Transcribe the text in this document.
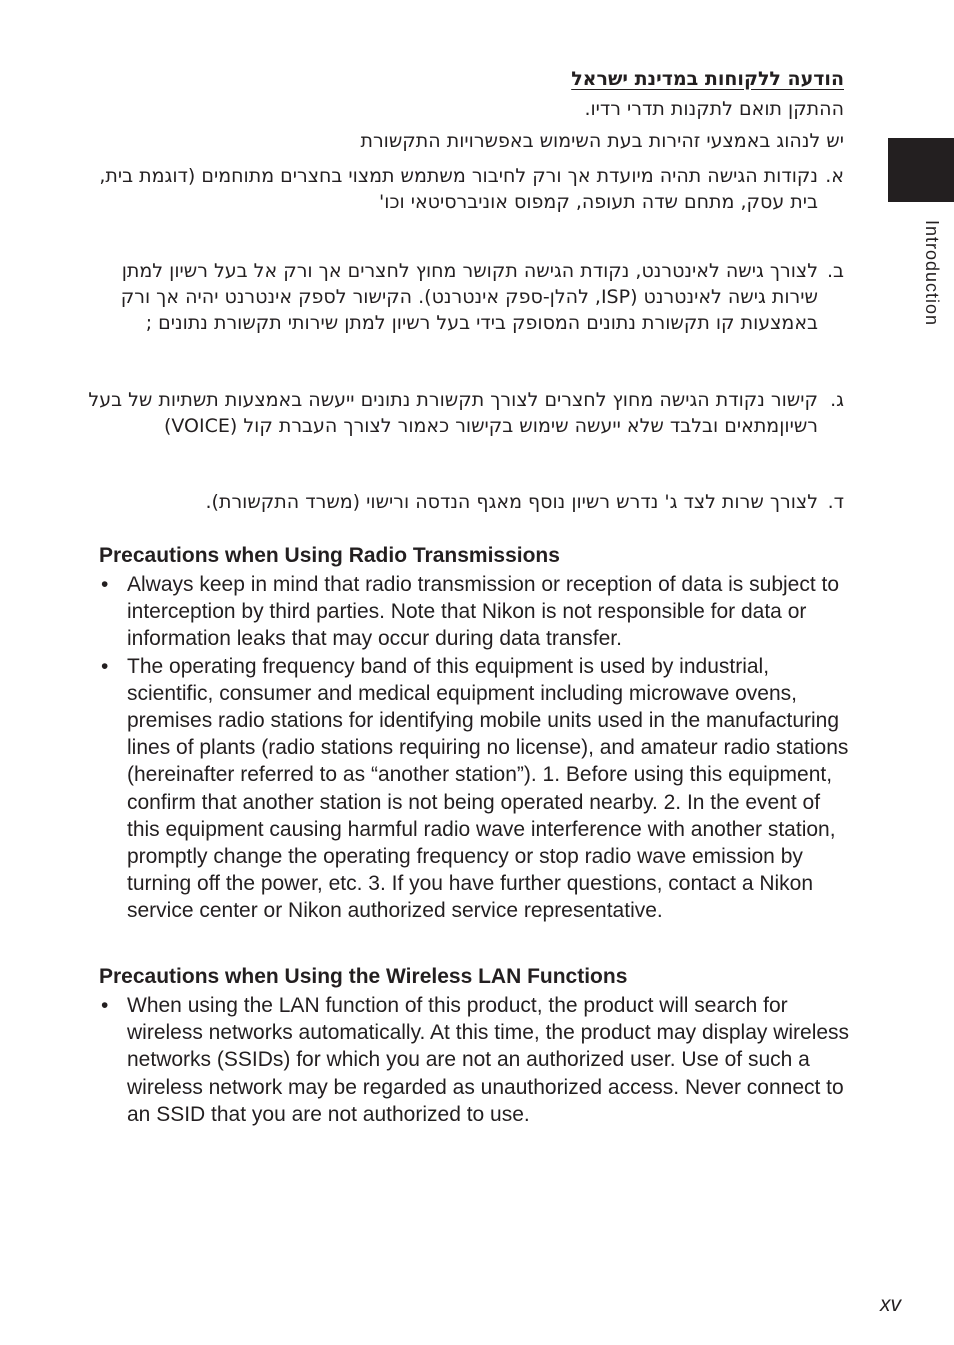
Introduction
הודעה ללקוחות במדינת ישראל
ההתקן תואם לתקנות תדרי רדיו.
יש לנהוג באמצעי זהירות בעת השימוש באפשרויות התקשורת
א.
נקודות הגישה תהיה מיועדת אך ורק לחיבור משתמש תמצוי בחצרים מתוחמים (דוגמת בית, בית עסק, מתחם שדה תעופה, קמפוס אוניברסיטאי וכו'
ב.
לצורך גישה לאינטרנט, נקודת הגישה תקושר מחוץ לחצרים אך ורק אל בעל רשיון למתן שירות גישה לאינטרנט (ISP, להלן-ספק אינטרנט). הקישור לספק אינטרנט יהיה אך ורק באמצעות קו תקשורת נתונים המסופק בידי בעל רשיון למתן שירותי תקשורת נתונים ;
ג.
קישור נקודת הגישה מחוץ לחצרים לצורך תקשורת נתונים ייעשה באמצעות תשתיות של בעל רשיוןמתאים ובלבד שלא ייעשה שימוש בקישור כאמור לצורך העברת קול (VOICE)
ד.
לצורך שרות לצד ג' נדרש רשיון נוסף מאגף הנדסה ורישוי (משרד התקשורת).
Precautions when Using Radio Transmissions
• Always keep in mind that radio transmission or reception of data is subject to interception by third parties. Note that Nikon is not responsible for data or information leaks that may occur during data transfer.
• The operating frequency band of this equipment is used by industrial, scientific, consumer and medical equipment including microwave ovens, premises radio stations for identifying mobile units used in the manufacturing lines of plants (radio stations requiring no license), and amateur radio stations (hereinafter referred to as “another station”). 1. Before using this equipment, confirm that another station is not being operated nearby. 2. In the event of this equipment causing harmful radio wave interference with another station, promptly change the operating frequency or stop radio wave emission by turning off the power, etc. 3. If you have further questions, contact a Nikon service center or Nikon authorized service representative.
Precautions when Using the Wireless LAN Functions
• When using the LAN function of this product, the product will search for wireless networks automatically. At this time, the product may display wireless networks (SSIDs) for which you are not an authorized user. Use of such a wireless network may be regarded as unauthorized access. Never connect to an SSID that you are not authorized to use.
xv
